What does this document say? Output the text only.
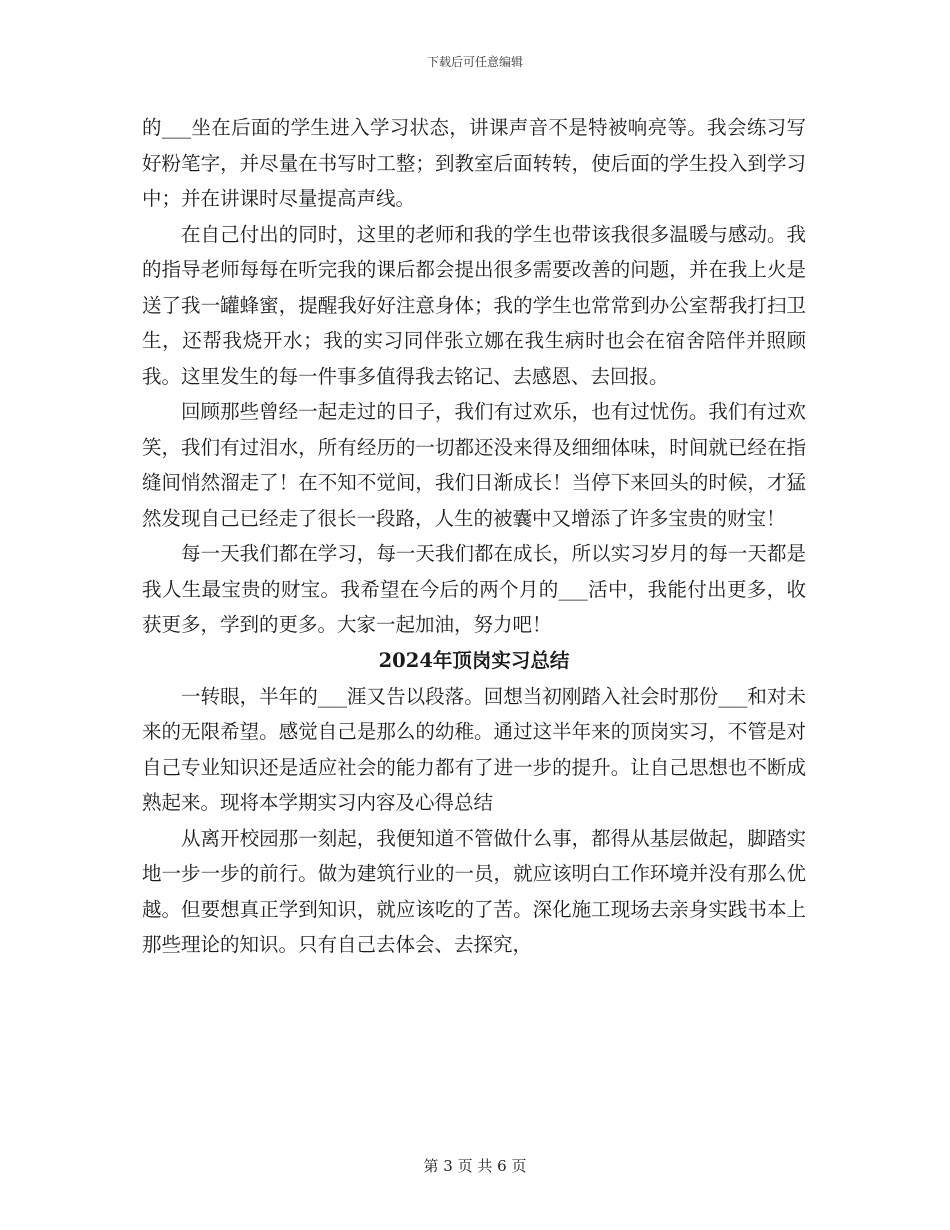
下载后可任意编辑

的___坐在后面的学生进入学习状态，讲课声音不是特被响亮等。我会练习写好粉笔字，并尽量在书写时工整；到教室后面转转，使后面的学生投入到学习中；并在讲课时尽量提高声线。

在自己付出的同时，这里的老师和我的学生也带该我很多温暖与感动。我的指导老师每每在听完我的课后都会提出很多需要改善的问题，并在我上火是送了我一罐蜂蜜，提醒我好好注意身体；我的学生也常常到办公室帮我打扫卫生，还帮我烧开水；我的实习同伴张立娜在我生病时也会在宿舍陪伴并照顾我。这里发生的每一件事多值得我去铭记、去感恩、去回报。

回顾那些曾经一起走过的日子，我们有过欢乐，也有过忧伤。我们有过欢笑，我们有过泪水，所有经历的一切都还没来得及细细体味，时间就已经在指缝间悄然溜走了！在不知不觉间，我们日渐成长！当停下来回头的时候，才猛然发现自己已经走了很长一段路，人生的被囊中又增添了许多宝贵的财宝！

每一天我们都在学习，每一天我们都在成长，所以实习岁月的每一天都是我人生最宝贵的财宝。我希望在今后的两个月的___活中，我能付出更多，收获更多，学到的更多。大家一起加油，努力吧！

2024年顶岗实习总结

一转眼，半年的___涯又告以段落。回想当初刚踏入社会时那份___和对未来的无限希望。感觉自己是那么的幼稚。通过这半年来的顶岗实习，不管是对自己专业知识还是适应社会的能力都有了进一步的提升。让自己思想也不断成熟起来。现将本学期实习内容及心得总结

从离开校园那一刻起，我便知道不管做什么事，都得从基层做起，脚踏实地一步一步的前行。做为建筑行业的一员，就应该明白工作环境并没有那么优越。但要想真正学到知识，就应该吃的了苦。深化施工现场去亲身实践书本上那些理论的知识。只有自己去体会、去探究，

第 3 页 共 6 页
